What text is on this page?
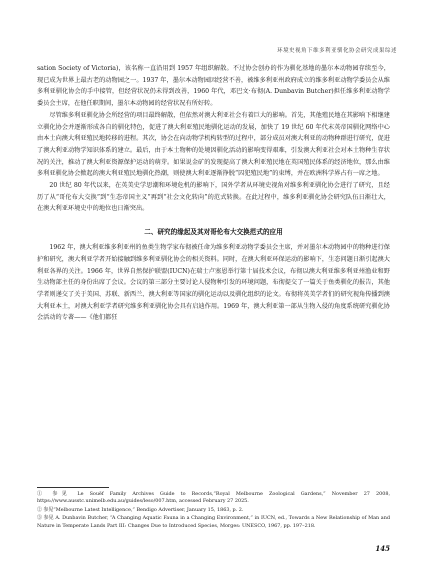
环境史视角下维多利亚驯化协会研究成果综述

sation Society of Victoria)，该名称一直沿用到 1957 年组织解散。不过协会创办的作为驯化基地的墨尔本动物园存续至今，现已成为世界上最古老的动物园之一。1937 年，墨尔本动物园因经营不善，被维多利亚州政府成立的维多利亚动物学委员会从维多利亚驯化协会的手中接管，但经营状况仍未得到改善，1960 年代，邓巴文·布彻(A. Dunbavin Butcher)担任维多利亚动物学委员会主席，在他任职期间，墨尔本动物园的经营状况有所好转。

尽管维多利亚驯化协会所经营的项目最终解散，但依然对澳大利亚社会有着巨大的影响。首先，其他殖民地在其影响下相继建立驯化协会并逐渐形成各自的驯化特色，促进了澳大利亚殖民地驯化运动的发展，加快了 19 世纪 60 年代末英帝国驯化网络中心由本土向澳大利亚殖民地转移的进程。其次，协会在向动物学机构转型的过程中，部分成员对澳大利亚的动物种群进行研究，促进了澳大利亚动物学知识体系的建立。最后，由于本土物种的处境因驯化活动的影响变得艰难，引发澳大利亚社会对本土物种生存状况的关注，推动了澳大利亚资源保护运动的萌芽。如果说金矿的发现提高了澳大利亚殖民地在英国殖民体系的经济地位，那么由维多利亚驯化协会掀起的澳大利亚殖民地驯化热潮，则使澳大利亚逐渐挣脱“囚犯殖民地”的束缚，并在欧洲科学界占有一席之地。

20 世纪 80 年代以来，在英美史学思潮和环境危机的影响下，国外学者从环境史视角对维多利亚驯化协会进行了研究，且经历了从“哥伦布大交换”到“生态帝国主义”再到“社会文化转向”的范式转换。在此过程中，维多利亚驯化协会研究队伍日渐壮大，在澳大利亚环境史中的地位也日渐突出。

二、研究的缘起及其对哥伦布大交换范式的应用

1962 年，澳大利亚维多利亚州的鱼类生物学家布彻被任命为维多利亚动物学委员会主席，并对墨尔本动物园中的物种进行保护和研究，澳大利亚学者开始接触到维多利亚驯化协会的相关资料。同时，在澳大利亚环保运动的影响下，生态问题日渐引起澳大利亚各界的关注。1966 年，世界自然保护联盟(IUCN)在瑞士卢塞恩举行第十届技术会议，布彻以澳大利亚维多利亚州渔业和野生动物部主任的身份出席了会议。会议的第三部分主要讨论人侵物种引发的环境问题，布彻提交了一篇关于鱼类驯化的报告，其他学者则递交了关于美国、苏联、新西兰、澳大利亚等国家的驯化运动以及驯化组织的论文。布彻将英美学者们的研究视角传播到澳大利亚本土，对澳大利亚学者研究维多利亚驯化协会具有启迪作用。1969 年，澳大利亚第一部从生物入侵的角度系统研究驯化协会活动的专著——《他们都狂

① 参见 Le Souëf Family Archives Guide to Records,“Royal Melbourne Zoological Gardens,” November 27 2008, https://www.ausstc.unimelb.edu.au/guides/leso/007.htm, accessed February 27 2025.

② 参见“Melbourne Latest Intelligence,” Bendigo Advertiser, January 15, 1863, p. 2.

③ 参见 A. Dunbavin Butcher, “A Changing Aquatic Fauna in a Changing Environment,” in IUCN, ed., Towards a New Relationship of Man and Nature in Temperate Lands Part III: Changes Due to Introduced Species, Morges: UNESCO, 1967, pp. 197–218.

145
